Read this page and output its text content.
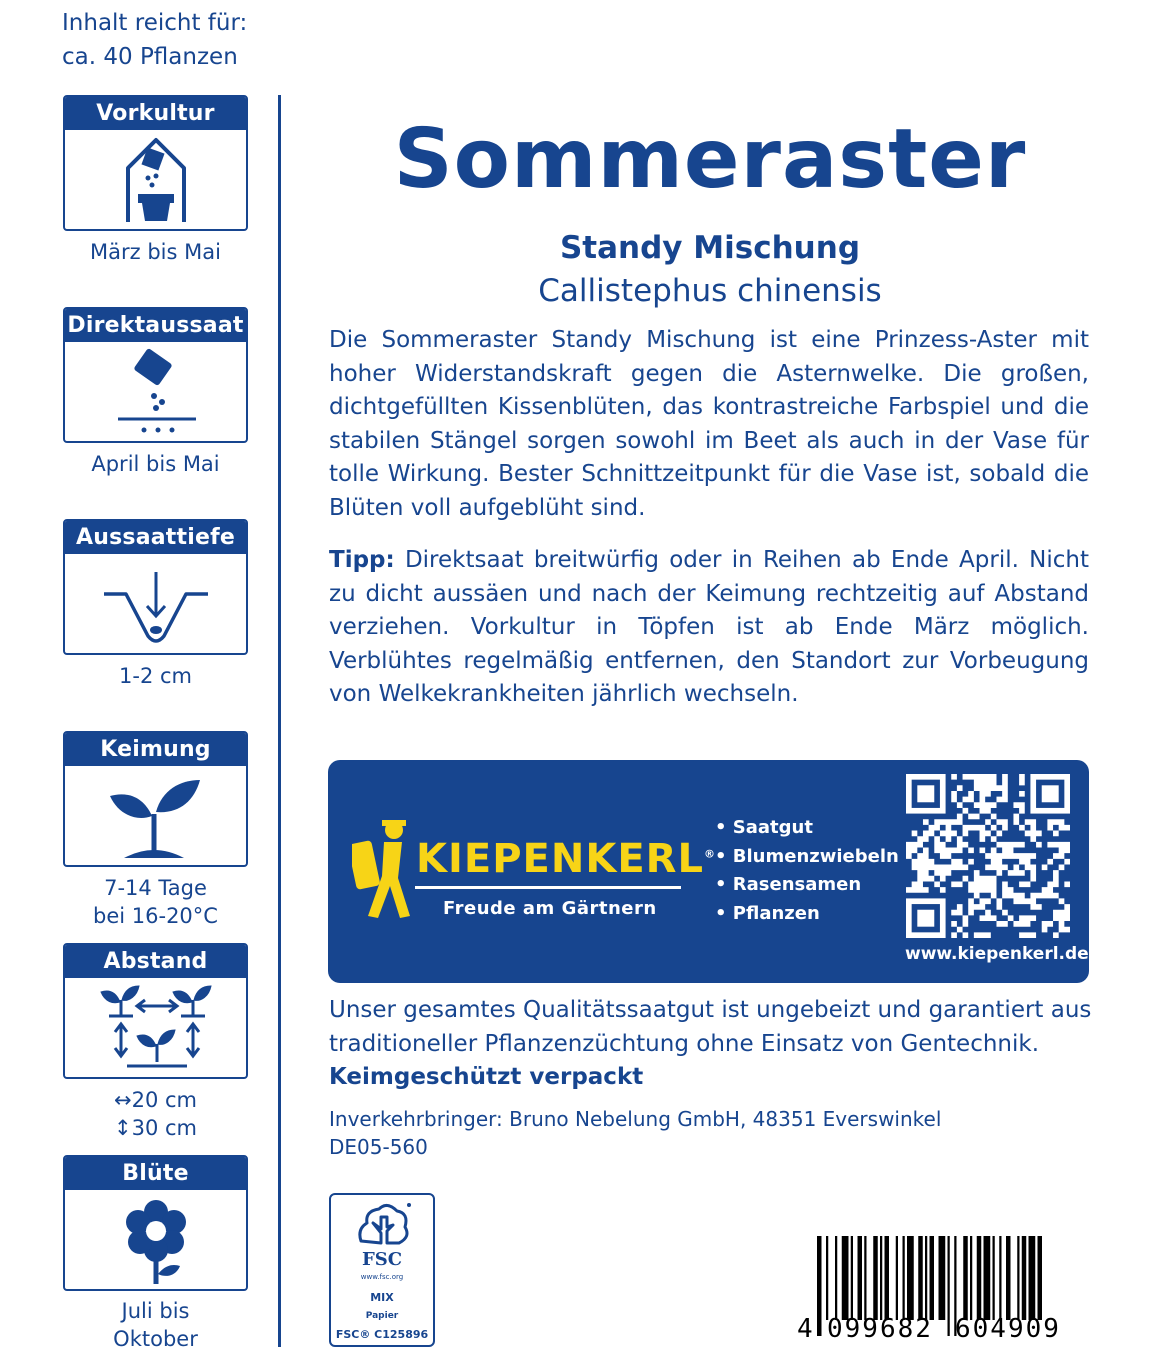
Inhalt reicht für:
ca. 40 Pflanzen
Vorkultur
März bis Mai
Direktaussaat
April bis Mai
Aussaattiefe
1-2 cm
Keimung
7-14 Tage
bei 16-20°C
Abstand
↔20 cm
↕30 cm
Blüte
Juli bis
Oktober
Sommeraster
Standy Mischung
Callistephus chinensis
Die Sommeraster Standy Mischung ist eine Prinzess-Aster mit hoher Widerstandskraft gegen die Asternwelke. Die großen, dichtgefüllten Kissenblüten, das kontrastreiche Farbspiel und die stabilen Stängel sorgen sowohl im Beet als auch in der Vase für tolle Wirkung. Bester Schnittzeitpunkt für die Vase ist, sobald die Blüten voll aufgeblüht sind.
Tipp: Direktsaat breitwürfig oder in Reihen ab Ende April. Nicht zu dicht aussäen und nach der Keimung rechtzeitig auf Abstand verziehen. Vorkultur in Töpfen ist ab Ende März möglich. Verblühtes regelmäßig entfernen, den Standort zur Vorbeugung von Welkekrankheiten jährlich wechseln.
KIEPENKERL®
Freude am Gärtnern
• Saatgut
• Blumenzwiebeln
• Rasensamen
• Pflanzen
www.kiepenkerl.de
Unser gesamtes Qualitätssaatgut ist ungebeizt und garantiert aus traditioneller Pflanzenzüchtung ohne Einsatz von Gentechnik.
Keimgeschützt verpackt
Inverkehrbringer: Bruno Nebelung GmbH, 48351 Everswinkel
DE05-560
FSC
www.fsc.org
MIX
Papier
FSC® C125896	4 099682 604909
